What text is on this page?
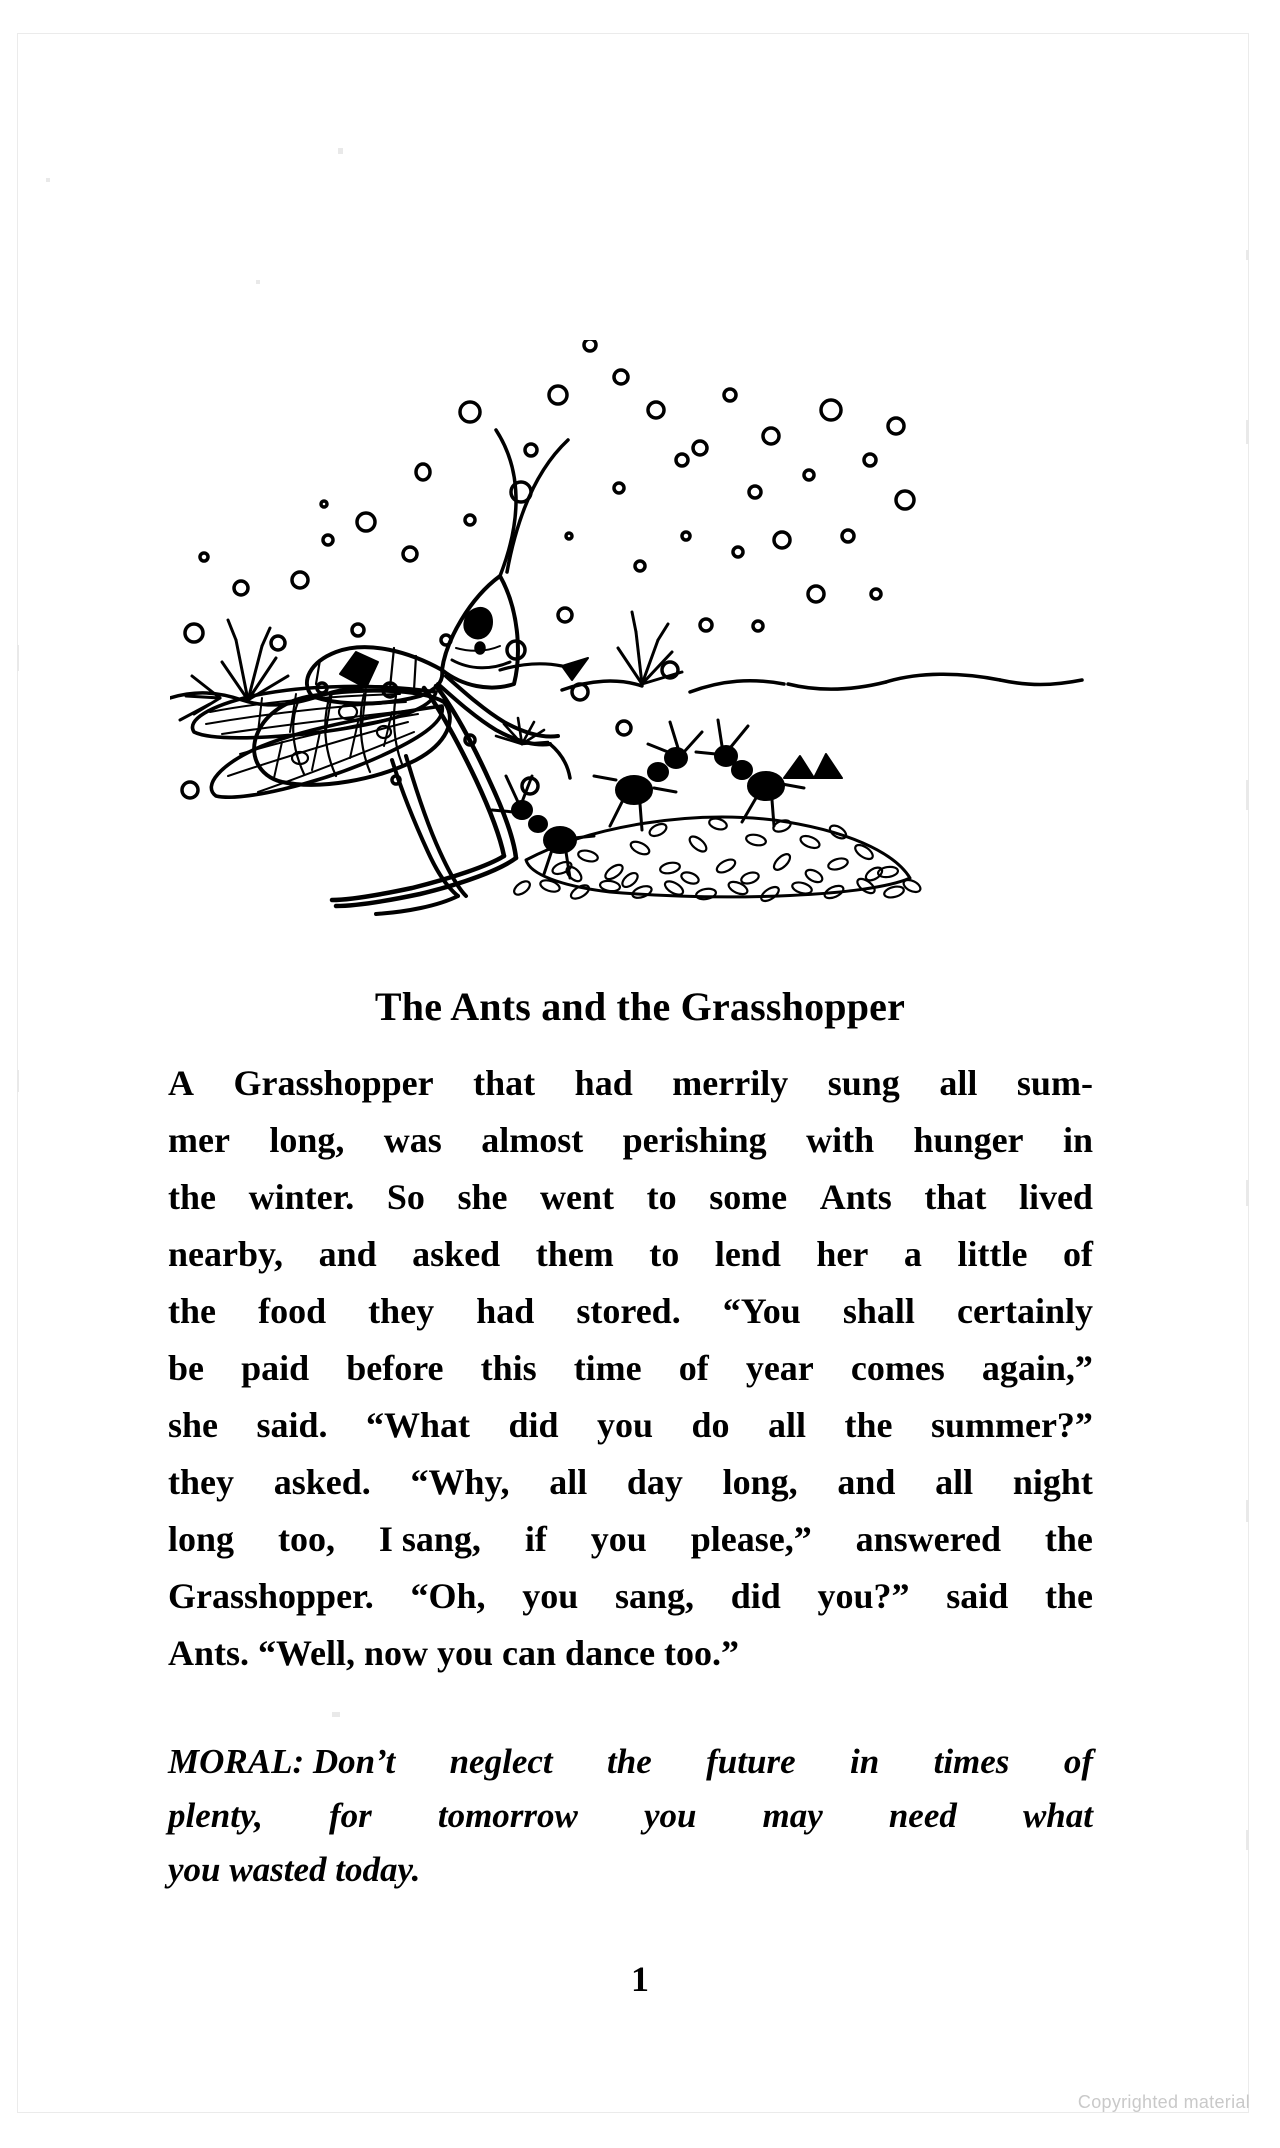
The Ants and the Grasshopper
A Grasshopper that had merrily sung all sum-
mer long, was almost perishing with hunger in
the winter. So she went to some Ants that lived
nearby, and asked them to lend her a little of
the food they had stored. “You shall certainly
be paid before this time of year comes again,”
she said. “What did you do all the summer?”
they asked. “Why, all day long, and all night
long too, I sang, if you please,” answered the
Grasshopper. “Oh, you sang, did you?” said the
Ants. “Well, now you can dance too.”
MORAL: Don’t neglect the future in times of
plenty, for tomorrow you may need what
you wasted today.
1
Copyrighted material
